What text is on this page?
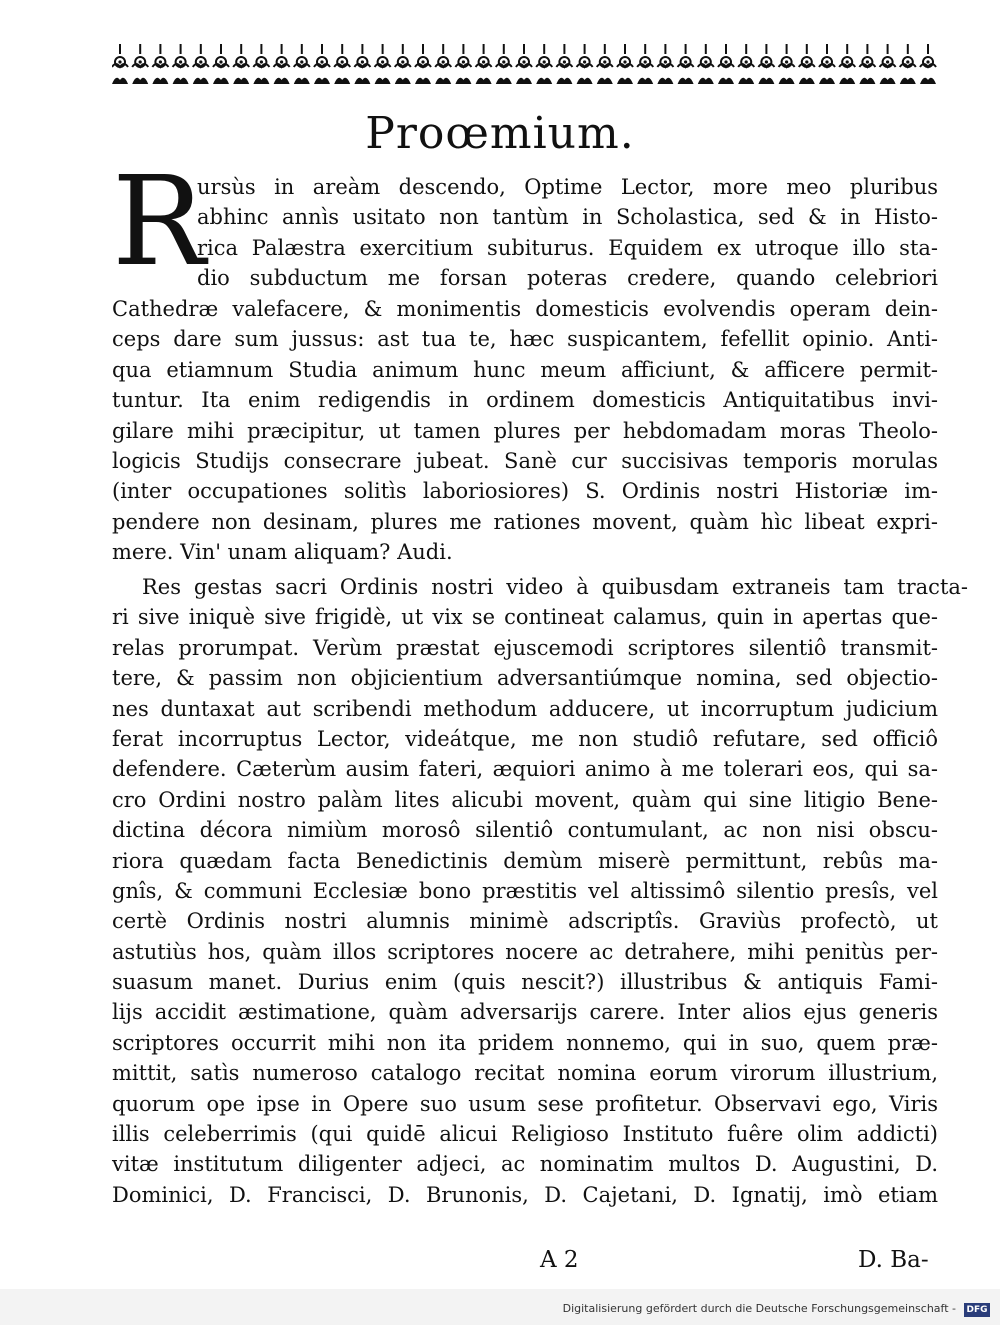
Proœmium.
R
ursùs in areàm descendo, Optime Lector, more meo pluribus
abhinc annìs usitato non tantùm in Scholastica, sed & in Histo-
rica Palæstra exercitium subiturus. Equidem ex utroque illo sta-
dio subductum me forsan poteras credere, quando celebriori
Cathedræ valefacere, & monimentis domesticis evolvendis operam dein-
ceps dare sum jussus: ast tua te, hæc suspicantem, fefellit opinio. Anti-
qua etiamnum Studia animum hunc meum afficiunt, & afficere permit-
tuntur. Ita enim redigendis in ordinem domesticis Antiquitatibus invi-
gilare mihi præcipitur, ut tamen plures per hebdomadam moras Theolo-
logicis Studijs consecrare jubeat. Sanè cur succisivas temporis morulas
(inter occupationes solitìs laboriosiores) S. Ordinis nostri Historiæ im-
pendere non desinam, plures me rationes movent, quàm hìc libeat expri-
mere. Vin' unam aliquam? Audi.
Res gestas sacri Ordinis nostri video à quibusdam extraneis tam tracta-
ri sive iniquè sive frigidè, ut vix se contineat calamus, quin in apertas que-
relas prorumpat. Verùm præstat ejuscemodi scriptores silentiô transmit-
tere, & passim non objicientium adversantiúmque nomina, sed objectio-
nes duntaxat aut scribendi methodum adducere, ut incorruptum judicium
ferat incorruptus Lector, videátque, me non studiô refutare, sed officiô
defendere. Cæterùm ausim fateri, æquiori animo à me tolerari eos, qui sa-
cro Ordini nostro palàm lites alicubi movent, quàm qui sine litigio Bene-
dictina décora nimiùm morosô silentiô contumulant, ac non nisi obscu-
riora quædam facta Benedictinis demùm miserè permittunt, rebûs ma-
gnîs, & communi Ecclesiæ bono præstitis vel altissimô silentio presîs, vel
certè Ordinis nostri alumnis minimè adscriptîs. Graviùs profectò, ut
astutiùs hos, quàm illos scriptores nocere ac detrahere, mihi penitùs per-
suasum manet. Durius enim (quis nescit?) illustribus & antiquis Fami-
lijs accidit æstimatione, quàm adversarijs carere. Inter alios ejus generis
scriptores occurrit mihi non ita pridem nonnemo, qui in suo, quem præ-
mittit, satìs numeroso catalogo recitat nomina eorum virorum illustrium,
quorum ope ipse in Opere suo usum sese profitetur. Observavi ego, Viris
illis celeberrimis (qui quidē alicui Religioso Instituto fuêre olim addicti)
vitæ institutum diligenter adjeci, ac nominatim multos D. Augustini, D.
Dominici, D. Francisci, D. Brunonis, D. Cajetani, D. Ignatij, imò etiam
A 2	D. Ba-
Digitalisierung gefördert durch die Deutsche Forschungsgemeinschaft - DFG
